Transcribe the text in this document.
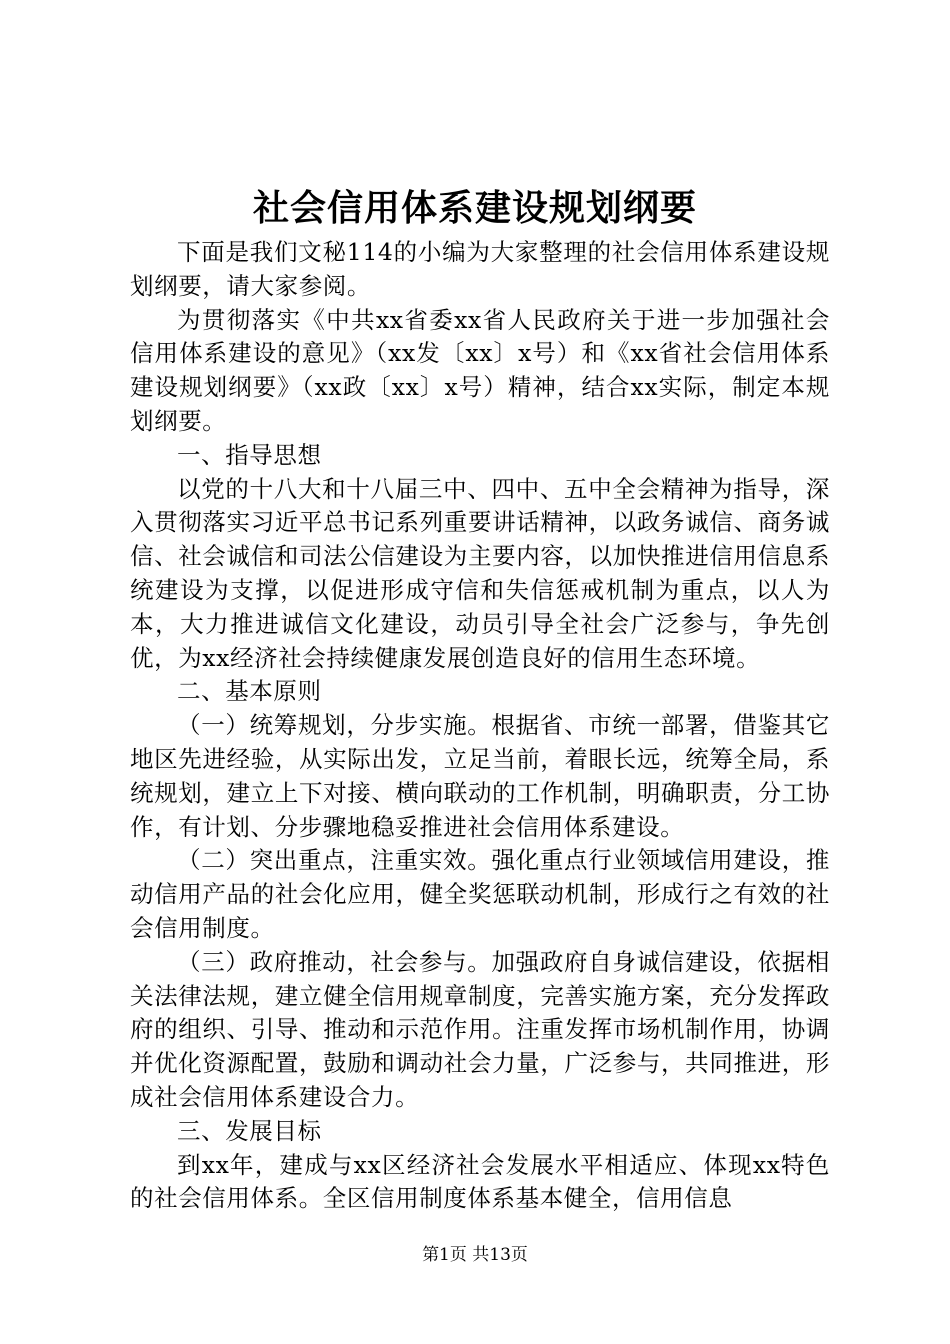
社会信用体系建设规划纲要

下面是我们文秘114的小编为大家整理的社会信用体系建设规划纲要，请大家参阅。

为贯彻落实《中共xx省委xx省人民政府关于进一步加强社会信用体系建设的意见》（xx发〔xx〕x号）和《xx省社会信用体系建设规划纲要》（xx政〔xx〕x号）精神，结合xx实际，制定本规划纲要。

一、指导思想

以党的十八大和十八届三中、四中、五中全会精神为指导，深入贯彻落实习近平总书记系列重要讲话精神，以政务诚信、商务诚信、社会诚信和司法公信建设为主要内容，以加快推进信用信息系统建设为支撑，以促进形成守信和失信惩戒机制为重点，以人为本，大力推进诚信文化建设，动员引导全社会广泛参与，争先创优，为xx经济社会持续健康发展创造良好的信用生态环境。

二、基本原则

（一）统筹规划，分步实施。根据省、市统一部署，借鉴其它地区先进经验，从实际出发，立足当前，着眼长远，统筹全局，系统规划，建立上下对接、横向联动的工作机制，明确职责，分工协作，有计划、分步骤地稳妥推进社会信用体系建设。

（二）突出重点，注重实效。强化重点行业领域信用建设，推动信用产品的社会化应用，健全奖惩联动机制，形成行之有效的社会信用制度。

（三）政府推动，社会参与。加强政府自身诚信建设，依据相关法律法规，建立健全信用规章制度，完善实施方案，充分发挥政府的组织、引导、推动和示范作用。注重发挥市场机制作用，协调并优化资源配置，鼓励和调动社会力量，广泛参与，共同推进，形成社会信用体系建设合力。

三、发展目标

到xx年，建成与xx区经济社会发展水平相适应、体现xx特色的社会信用体系。全区信用制度体系基本健全，信用信息

第1页 共13页
